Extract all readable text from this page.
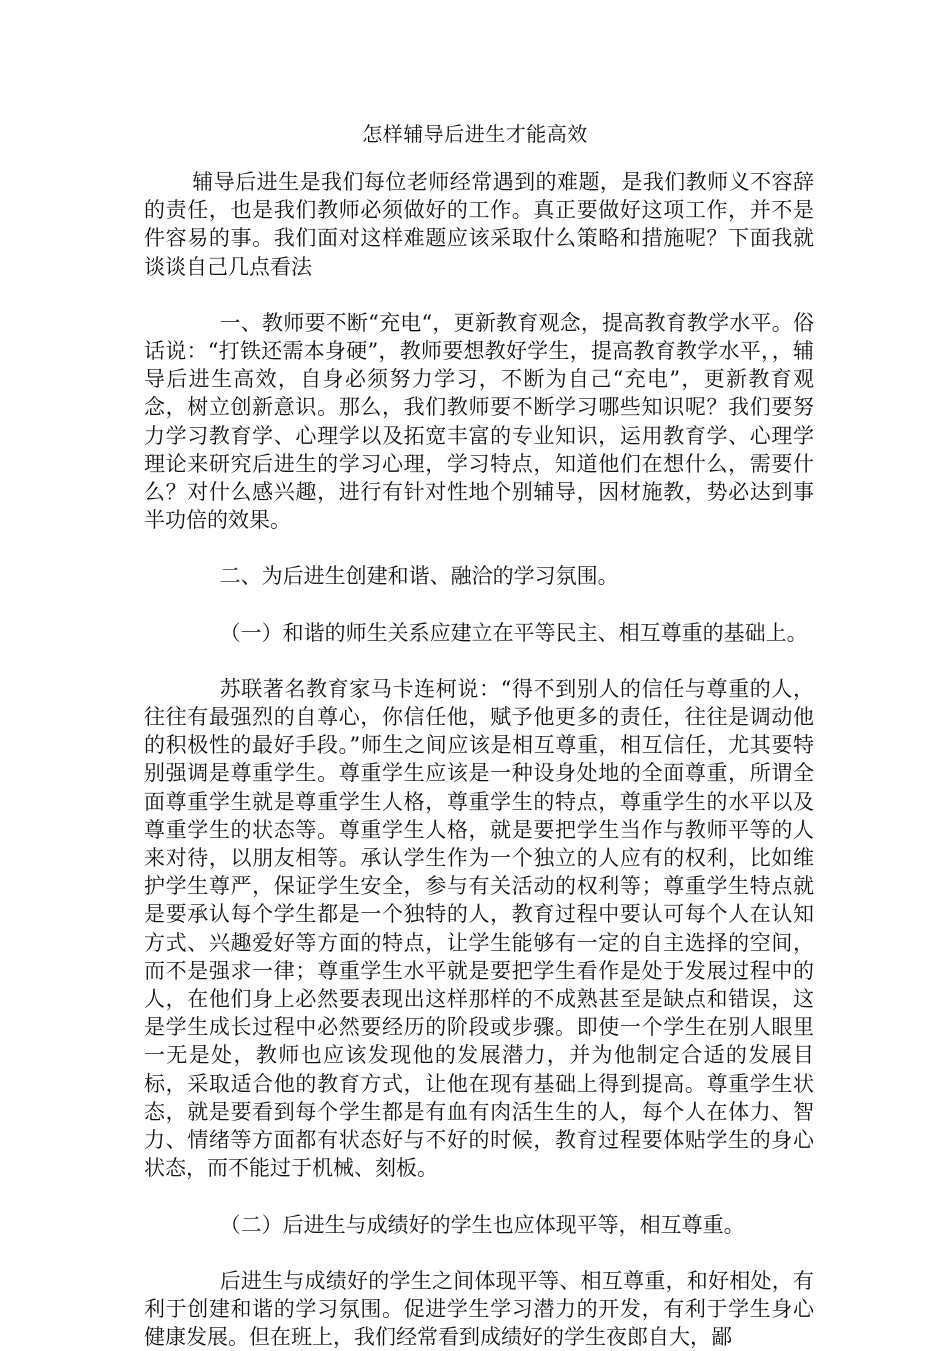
怎样辅导后进生才能高效

辅导后进生是我们每位老师经常遇到的难题，是我们教师义不容辞的责任，也是我们教师必须做好的工作。真正要做好这项工作，并不是件容易的事。我们面对这样难题应该采取什么策略和措施呢？下面我就谈谈自己几点看法

一、教师要不断“充电“，更新教育观念，提高教育教学水平。俗话说：“打铁还需本身硬”，教师要想教好学生，提高教育教学水平，，辅导后进生高效，自身必须努力学习，不断为自己“充电”，更新教育观念，树立创新意识。那么，我们教师要不断学习哪些知识呢？我们要努力学习教育学、心理学以及拓宽丰富的专业知识，运用教育学、心理学理论来研究后进生的学习心理，学习特点，知道他们在想什么，需要什么？对什么感兴趣，进行有针对性地个别辅导，因材施教，势必达到事半功倍的效果。

二、为后进生创建和谐、融洽的学习氛围。

（一）和谐的师生关系应建立在平等民主、相互尊重的基础上。

苏联著名教育家马卡连柯说：“得不到别人的信任与尊重的人，往往有最强烈的自尊心，你信任他，赋予他更多的责任，往往是调动他的积极性的最好手段。”师生之间应该是相互尊重，相互信任，尤其要特别强调是尊重学生。尊重学生应该是一种设身处地的全面尊重，所谓全面尊重学生就是尊重学生人格，尊重学生的特点，尊重学生的水平以及尊重学生的状态等。尊重学生人格，就是要把学生当作与教师平等的人来对待，以朋友相等。承认学生作为一个独立的人应有的权利，比如维护学生尊严，保证学生安全，参与有关活动的权利等；尊重学生特点就是要承认每个学生都是一个独特的人，教育过程中要认可每个人在认知方式、兴趣爱好等方面的特点，让学生能够有一定的自主选择的空间，而不是强求一律；尊重学生水平就是要把学生看作是处于发展过程中的人，在他们身上必然要表现出这样那样的不成熟甚至是缺点和错误，这是学生成长过程中必然要经历的阶段或步骤。即使一个学生在别人眼里一无是处，教师也应该发现他的发展潜力，并为他制定合适的发展目标，采取适合他的教育方式，让他在现有基础上得到提高。尊重学生状态，就是要看到每个学生都是有血有肉活生生的人，每个人在体力、智力、情绪等方面都有状态好与不好的时候，教育过程要体贴学生的身心状态，而不能过于机械、刻板。

（二）后进生与成绩好的学生也应体现平等，相互尊重。

后进生与成绩好的学生之间体现平等、相互尊重，和好相处，有利于创建和谐的学习氛围。促进学生学习潜力的开发，有利于学生身心健康发展。但在班上，我们经常看到成绩好的学生夜郎自大，鄙
